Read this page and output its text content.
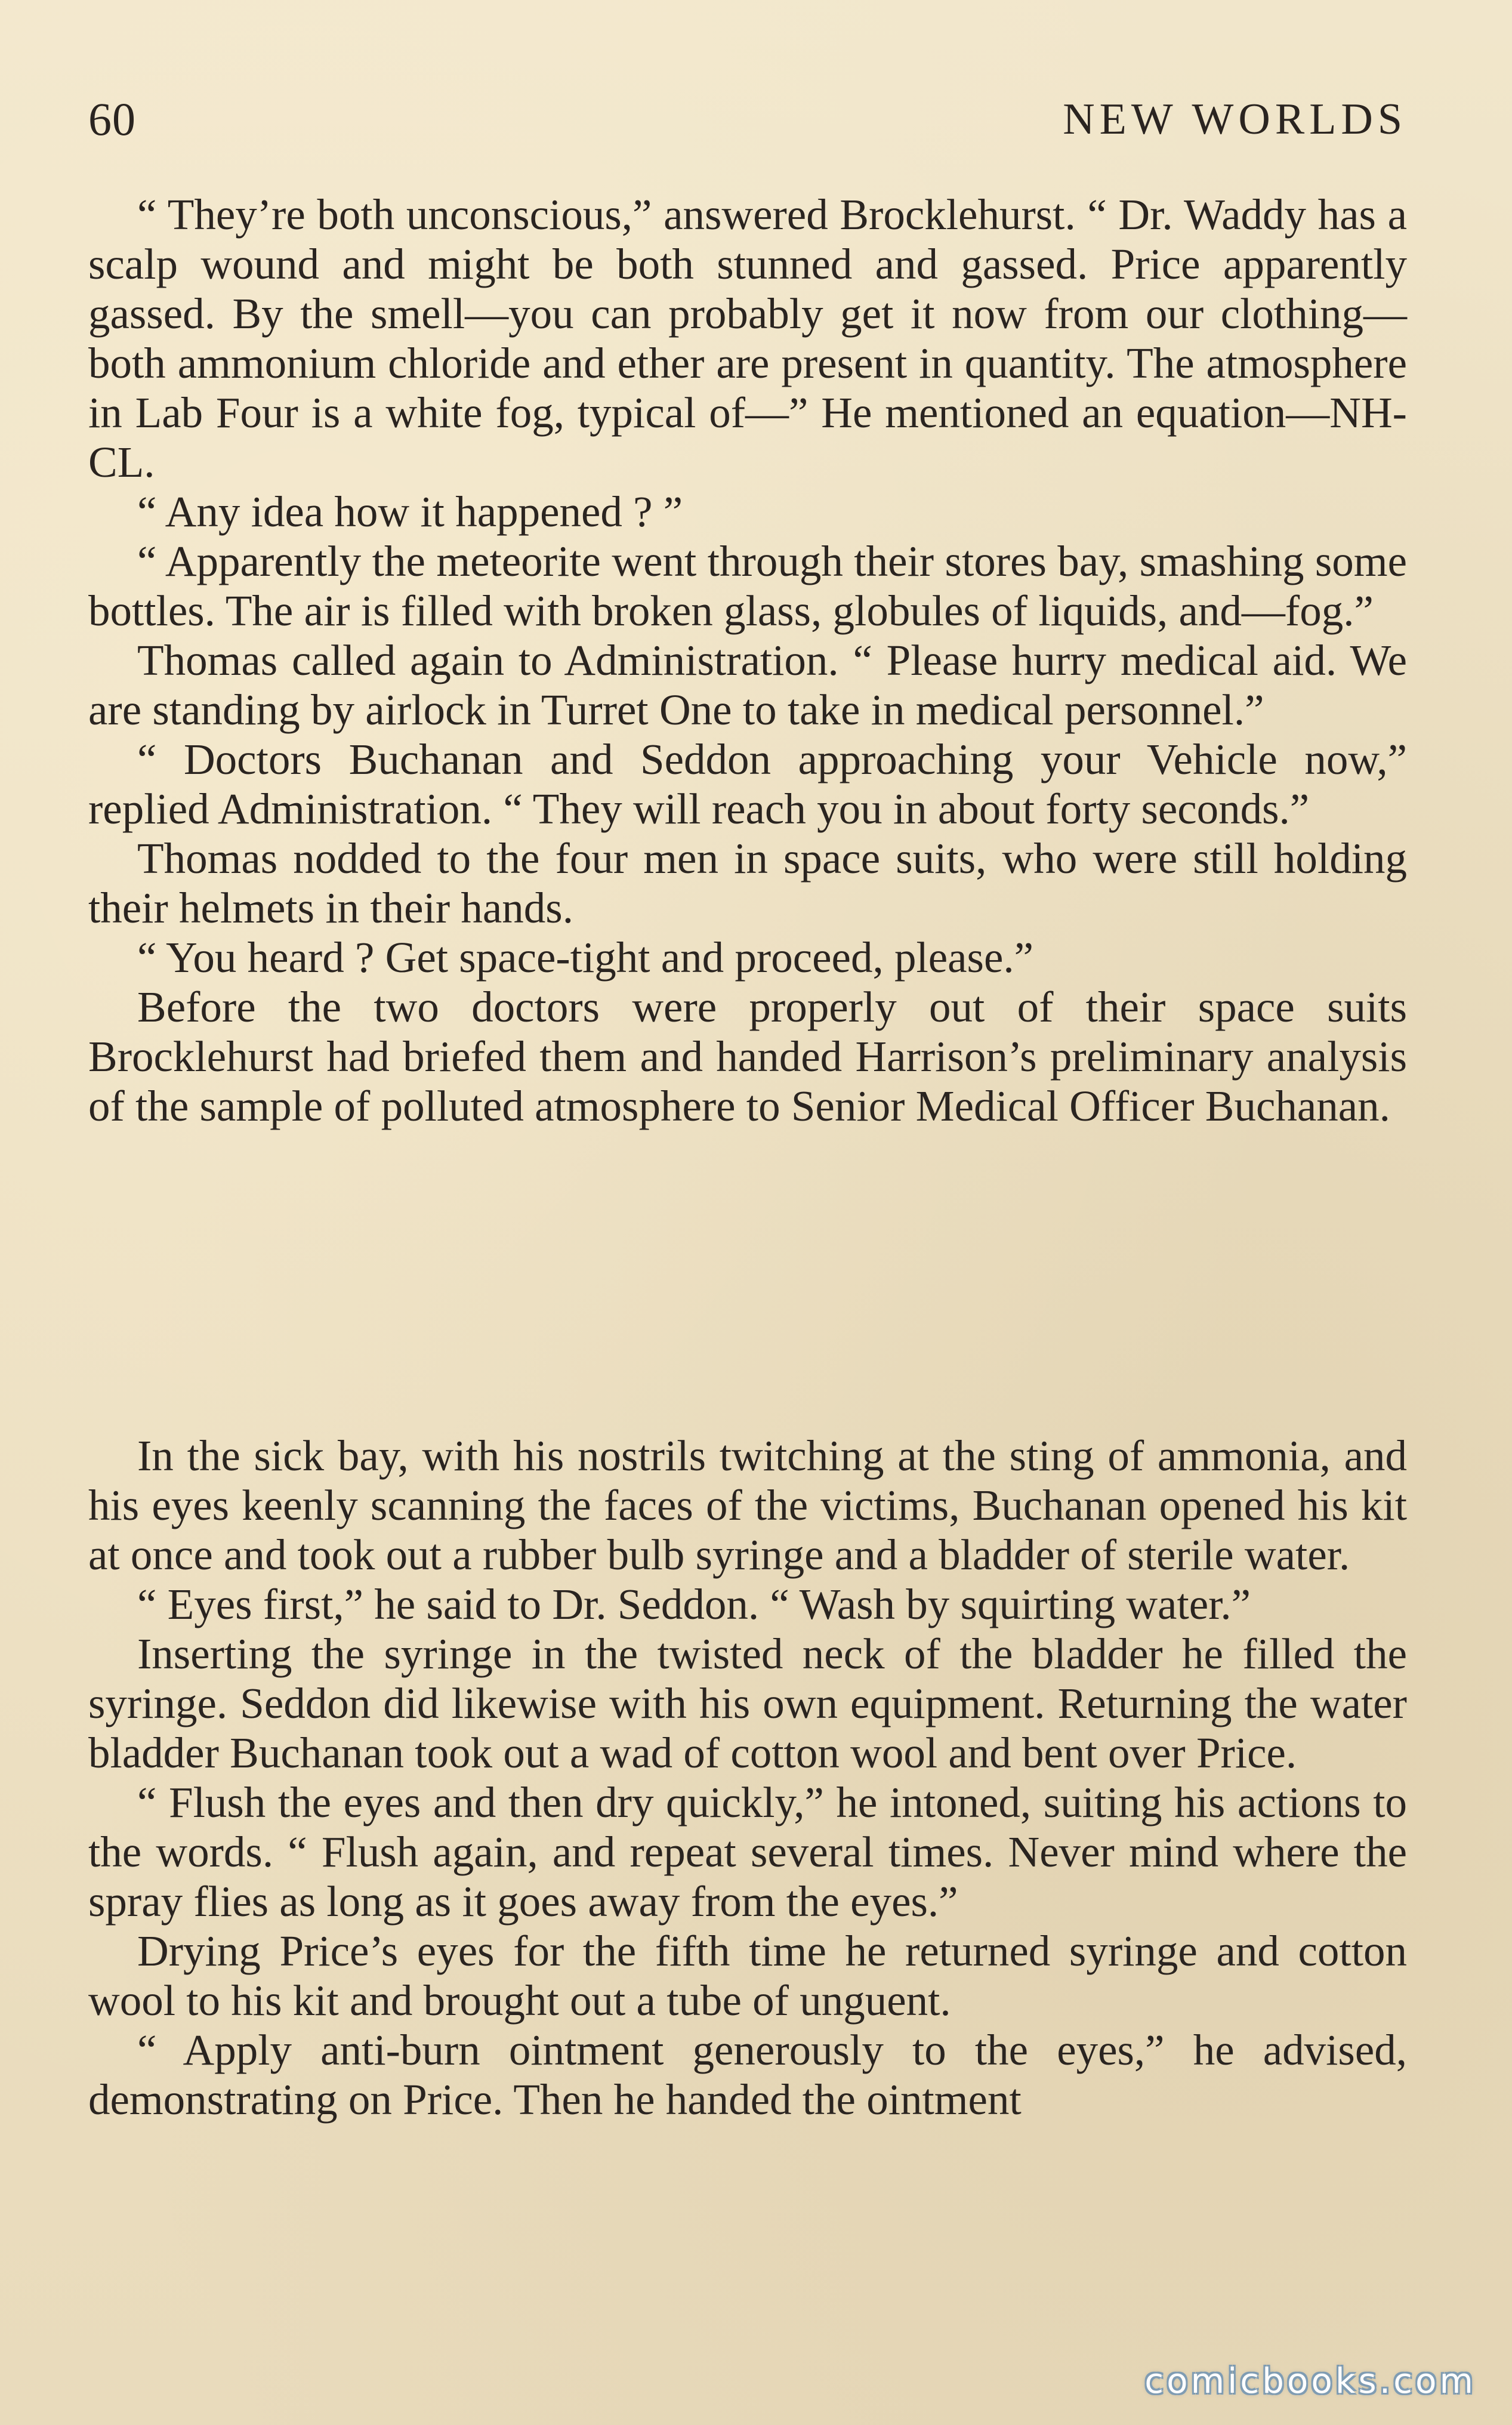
60	NEW WORLDS

“ They’re both unconscious,” answered Brocklehurst. “ Dr. Waddy has a scalp wound and might be both stunned and gassed. Price apparently gassed. By the smell—you can probably get it now from our clothing—both ammonium chloride and ether are present in quantity. The atmosphere in Lab Four is a white fog, typical of—” He mentioned an equation—NH-CL.

“ Any idea how it happened ? ”

“ Apparently the meteorite went through their stores bay, smashing some bottles. The air is filled with broken glass, globules of liquids, and—fog.”

Thomas called again to Administration. “ Please hurry medical aid. We are standing by airlock in Turret One to take in medical personnel.”

“ Doctors Buchanan and Seddon approaching your Vehicle now,” replied Administration. “ They will reach you in about forty seconds.”

Thomas nodded to the four men in space suits, who were still holding their helmets in their hands.

“ You heard ? Get space-tight and proceed, please.”

Before the two doctors were properly out of their space suits Brocklehurst had briefed them and handed Harrison’s preliminary analysis of the sample of polluted atmosphere to Senior Medical Officer Buchanan.

In the sick bay, with his nostrils twitching at the sting of ammonia, and his eyes keenly scanning the faces of the victims, Buchanan opened his kit at once and took out a rubber bulb syringe and a bladder of sterile water.

“ Eyes first,” he said to Dr. Seddon. “ Wash by squirting water.”

Inserting the syringe in the twisted neck of the bladder he filled the syringe. Seddon did likewise with his own equipment. Returning the water bladder Buchanan took out a wad of cotton wool and bent over Price.

“ Flush the eyes and then dry quickly,” he intoned, suiting his actions to the words. “ Flush again, and repeat several times. Never mind where the spray flies as long as it goes away from the eyes.”

Drying Price’s eyes for the fifth time he returned syringe and cotton wool to his kit and brought out a tube of unguent.

“ Apply anti-burn ointment generously to the eyes,” he advised, demonstrating on Price. Then he handed the ointment

comicbooks.com
